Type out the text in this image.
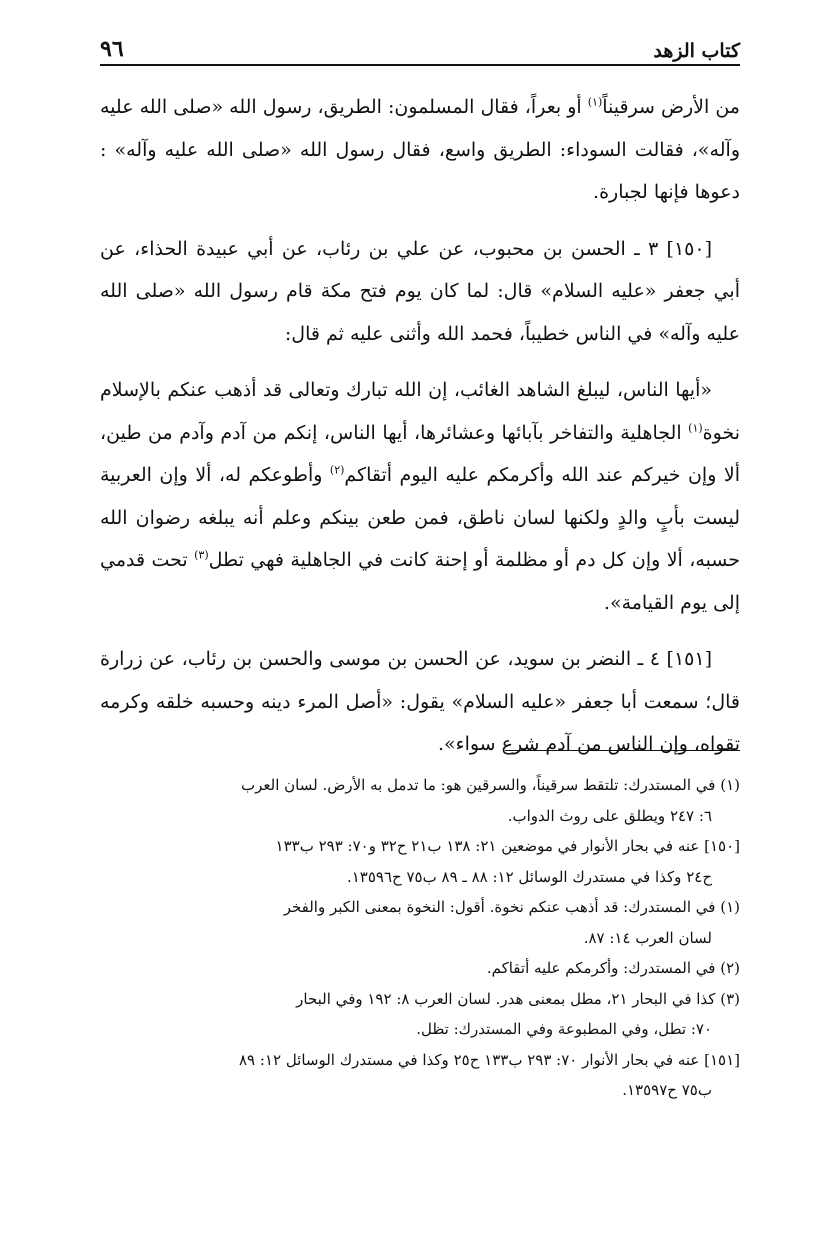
كتاب الزهد
٩٦

من الأرض سرقيناً$^{(١)}$ أو بعراً، فقال المسلمون: الطريق، رسول الله «صلى الله عليه وآله»، فقالت السوداء: الطريق واسع، فقال رسول الله «صلى الله عليه وآله» : دعوها فإنها لجبارة.

[١٥٠] ٣ ـ الحسن بن محبوب، عن علي بن رئاب، عن أبي عبيدة الحذاء، عن أبي جعفر «عليه السلام» قال: لما كان يوم فتح مكة قام رسول الله «صلى الله عليه وآله» في الناس خطيباً، فحمد الله وأثنى عليه ثم قال:

«أيها الناس، ليبلغ الشاهد الغائب، إن الله تبارك وتعالى قد أذهب عنكم بالإسلام نخوة$^{(١)}$ الجاهلية والتفاخر بآبائها وعشائرها، أيها الناس، إنكم من آدم وآدم من طين، ألا وإن خيركم عند الله وأكرمكم عليه اليوم أتقاكم$^{(٢)}$ وأطوعكم له، ألا وإن العربية ليست بأبٍ والدٍ ولكنها لسان ناطق، فمن طعن بينكم وعلم أنه يبلغه رضوان الله حسبه، ألا وإن كل دم أو مظلمة أو إحنة كانت في الجاهلية فهي تطل$^{(٣)}$ تحت قدمي إلى يوم القيامة».

[١٥١] ٤ ـ النضر بن سويد، عن الحسن بن موسى والحسن بن رئاب، عن زرارة قال؛ سمعت أبا جعفر «عليه السلام» يقول: «أصل المرء دينه وحسبه خلقه وكرمه تقواه، وإن الناس من آدم شرع سواء».

(١) في المستدرك: تلتقط سرقيناً، والسرقين هو: ما تدمل به الأرض. لسان العرب
٦: ٢٤٧ ويطلق على روث الدواب.
[١٥٠] عنه في بحار الأنوار في موضعين ٢١: ١٣٨ ب٢١ ح٣٢ و٧٠: ٢٩٣ ب١٣٣
ح٢٤ وكذا في مستدرك الوسائل ١٢: ٨٨ ـ ٨٩ ب٧٥ ح١٣٥٩٦.
(١) في المستدرك: قد أذهب عنكم نخوة. أقول: النخوة بمعنى الكبر والفخر
لسان العرب ١٤: ٨٧.
(٢) في المستدرك: وأكرمكم عليه أتقاكم.
(٣) كذا في البحار ٢١، مطل بمعنى هدر. لسان العرب ٨: ١٩٢ وفي البحار
٧٠: تطل، وفي المطبوعة وفي المستدرك: تظل.
[١٥١] عنه في بحار الأنوار ٧٠: ٢٩٣ ب١٣٣ ح٢٥ وكذا في مستدرك الوسائل ١٢: ٨٩
ب٧٥ ح١٣٥٩٧.
